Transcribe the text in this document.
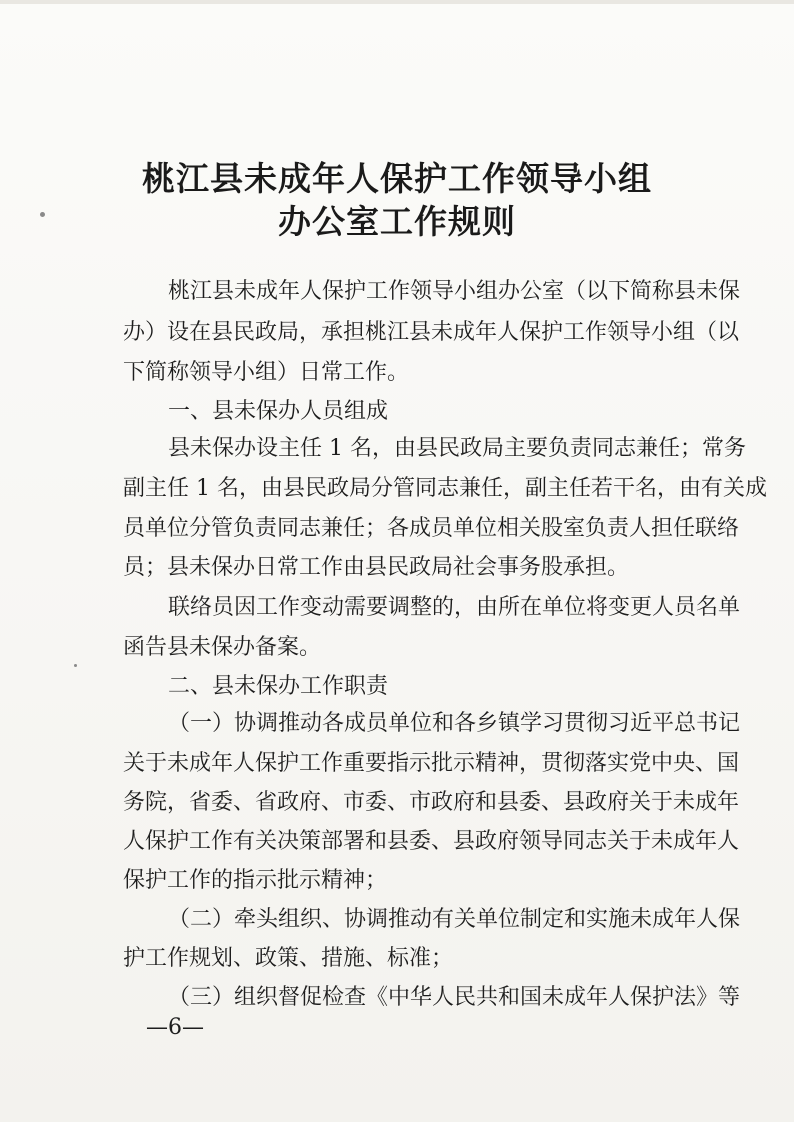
桃江县未成年人保护工作领导小组
办公室工作规则
桃江县未成年人保护工作领导小组办公室（以下简称县未保
办）设在县民政局，承担桃江县未成年人保护工作领导小组（以
下简称领导小组）日常工作。
一、县未保办人员组成
县未保办设主任 1 名，由县民政局主要负责同志兼任；常务
副主任 1 名，由县民政局分管同志兼任，副主任若干名，由有关成
员单位分管负责同志兼任；各成员单位相关股室负责人担任联络
员；县未保办日常工作由县民政局社会事务股承担。
联络员因工作变动需要调整的，由所在单位将变更人员名单
函告县未保办备案。
二、县未保办工作职责
（一）协调推动各成员单位和各乡镇学习贯彻习近平总书记
关于未成年人保护工作重要指示批示精神，贯彻落实党中央、国
务院，省委、省政府、市委、市政府和县委、县政府关于未成年
人保护工作有关决策部署和县委、县政府领导同志关于未成年人
保护工作的指示批示精神；
（二）牵头组织、协调推动有关单位制定和实施未成年人保
护工作规划、政策、措施、标准；
（三）组织督促检查《中华人民共和国未成年人保护法》等
—6—
